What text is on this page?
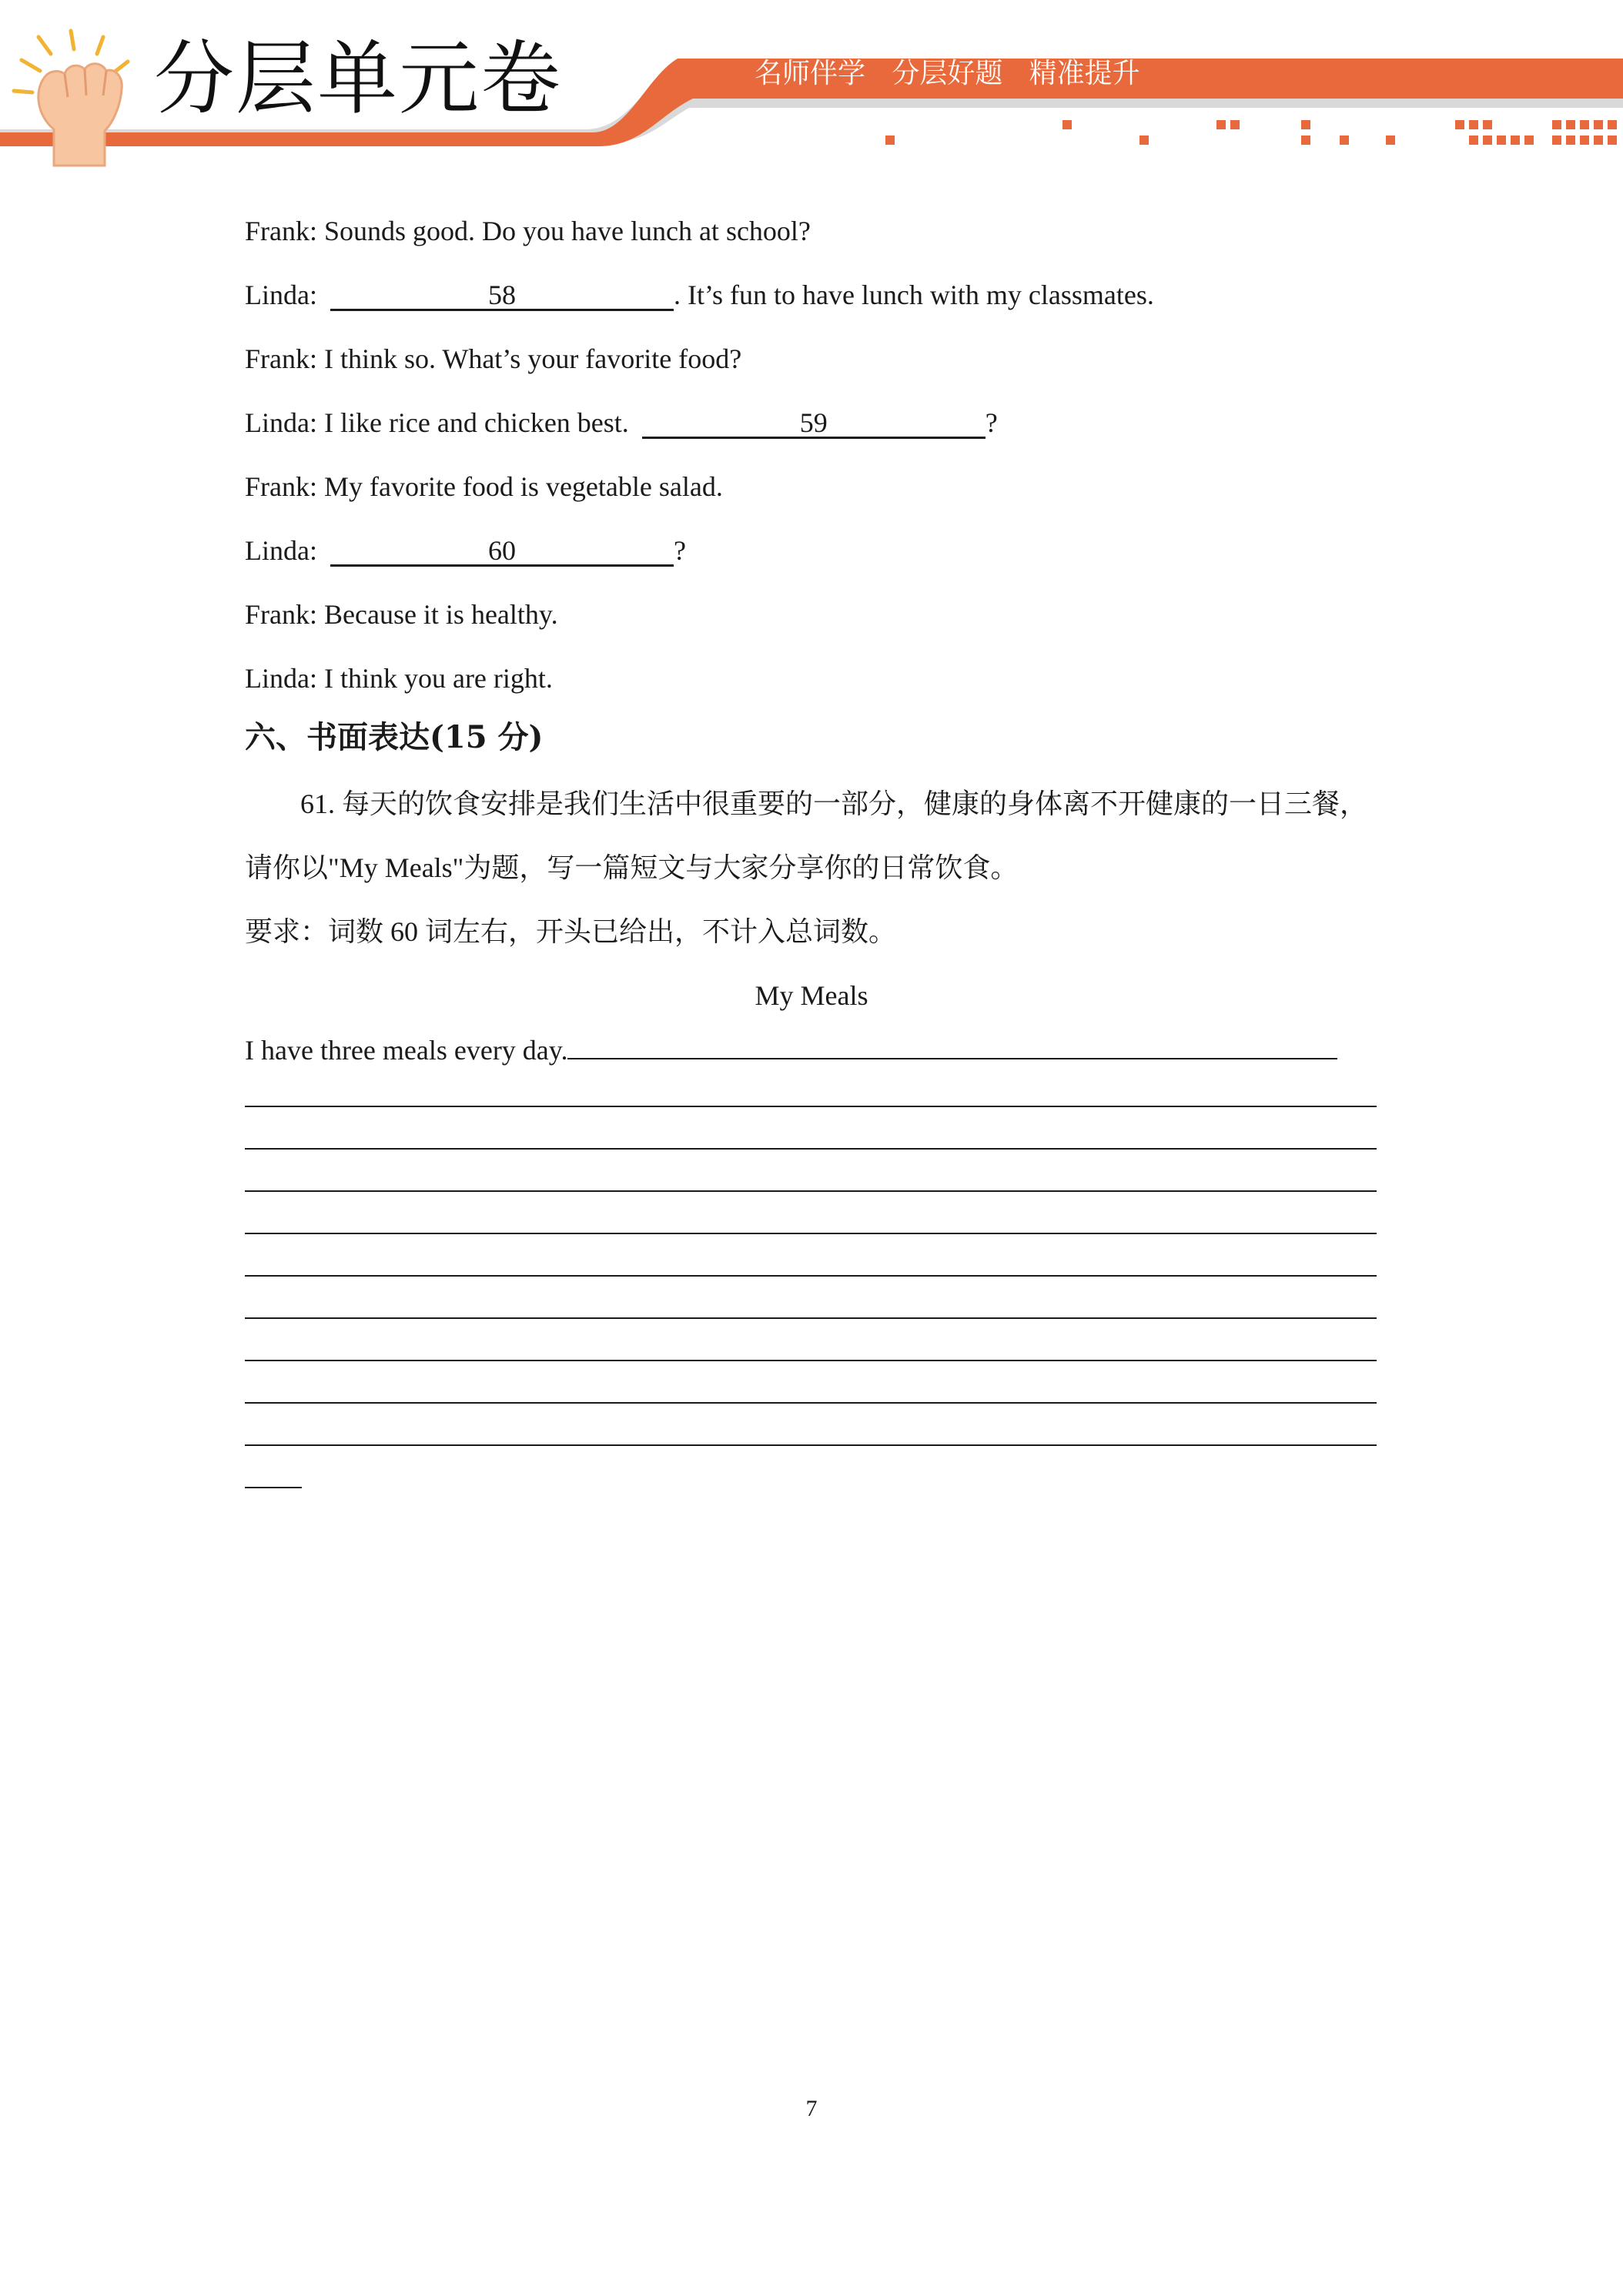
分层单元卷	名师伴学   分层好题   精准提升
Frank: Sounds good. Do you have lunch at school?
Linda:	58	. It’s fun to have lunch with my classmates.
Frank: I think so. What’s your favorite food?
Linda: I like rice and chicken best.	59	?
Frank: My favorite food is vegetable salad.
Linda:	60	?
Frank: Because it is healthy.
Linda: I think you are right.
六、书面表达(15 分)
61. 每天的饮食安排是我们生活中很重要的一部分，健康的身体离不开健康的一日三餐，
请你以"My Meals"为题，写一篇短文与大家分享你的日常饮食。
要求：词数 60 词左右，开头已给出，不计入总词数。
My Meals
I have three meals every day.
7
